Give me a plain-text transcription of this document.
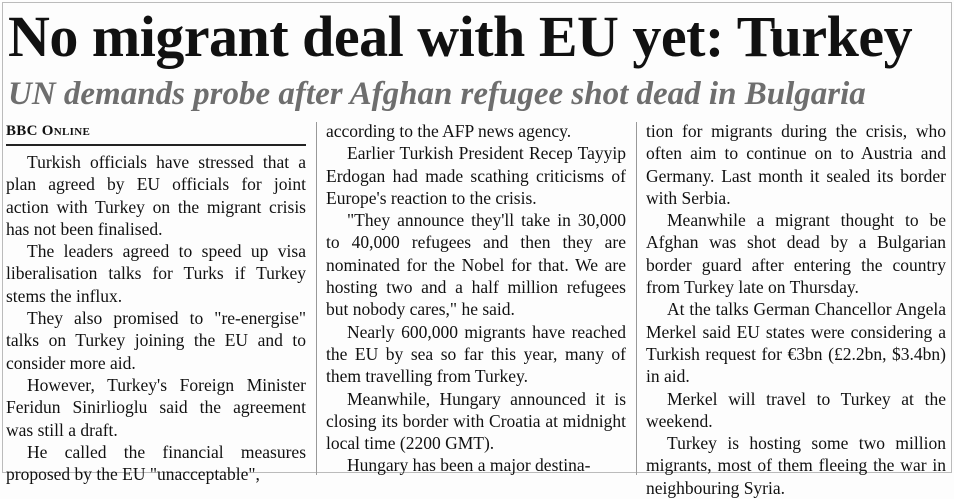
No migrant deal with EU yet: Turkey
UN demands probe after Afghan refugee shot dead in Bulgaria
BBC Online

Turkish officials have stressed that a plan agreed by EU officials for joint action with Turkey on the migrant crisis has not been finalised.

The leaders agreed to speed up visa liberalisation talks for Turks if Turkey stems the influx.

They also promised to "re-energise" talks on Turkey joining the EU and to consider more aid.

However, Turkey's Foreign Minister Feridun Sinirlioglu said the agreement was still a draft.

He called the financial measures proposed by the EU "unacceptable",

according to the AFP news agency.

Earlier Turkish President Recep Tayyip Erdogan had made scathing criticisms of Europe's reaction to the crisis.

"They announce they'll take in 30,000 to 40,000 refugees and then they are nominated for the Nobel for that. We are hosting two and a half million refugees but nobody cares," he said.

Nearly 600,000 migrants have reached the EU by sea so far this year, many of them travelling from Turkey.

Meanwhile, Hungary announced it is closing its border with Croatia at midnight local time (2200 GMT).

Hungary has been a major destina-

tion for migrants during the crisis, who often aim to continue on to Austria and Germany. Last month it sealed its border with Serbia.

Meanwhile a migrant thought to be Afghan was shot dead by a Bulgarian border guard after entering the country from Turkey late on Thursday.

At the talks German Chancellor Angela Merkel said EU states were considering a Turkish request for €3bn (£2.2bn, $3.4bn) in aid.

Merkel will travel to Turkey at the weekend.

Turkey is hosting some two million migrants, most of them fleeing the war in neighbouring Syria.
